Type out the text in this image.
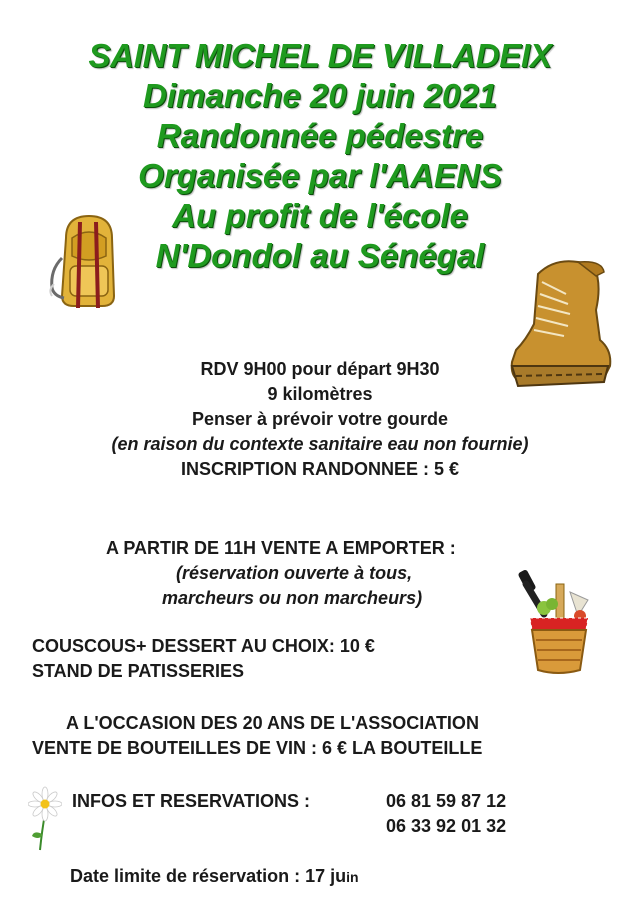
SAINT MICHEL DE VILLADEIX
Dimanche 20 juin 2021
Randonnée pédestre
Organisée par l'AAENS
Au profit de l'école
N'Dondol au Sénégal
RDV 9H00 pour départ 9H30
9 kilomètres
Penser à prévoir votre gourde
(en raison du contexte sanitaire eau non fournie)
INSCRIPTION RANDONNEE : 5 €
A PARTIR DE 11H VENTE A EMPORTER :
(réservation ouverte à tous,
marcheurs ou non marcheurs)
COUSCOUS+ DESSERT AU CHOIX: 10 €
STAND DE PATISSERIES
A L'OCCASION DES 20 ANS DE L'ASSOCIATION
VENTE DE BOUTEILLES DE VIN : 6 € LA BOUTEILLE
INFOS ET RESERVATIONS :	06 81 59 87 12
06 33 92 01 32
Date limite de réservation : 17 juin
